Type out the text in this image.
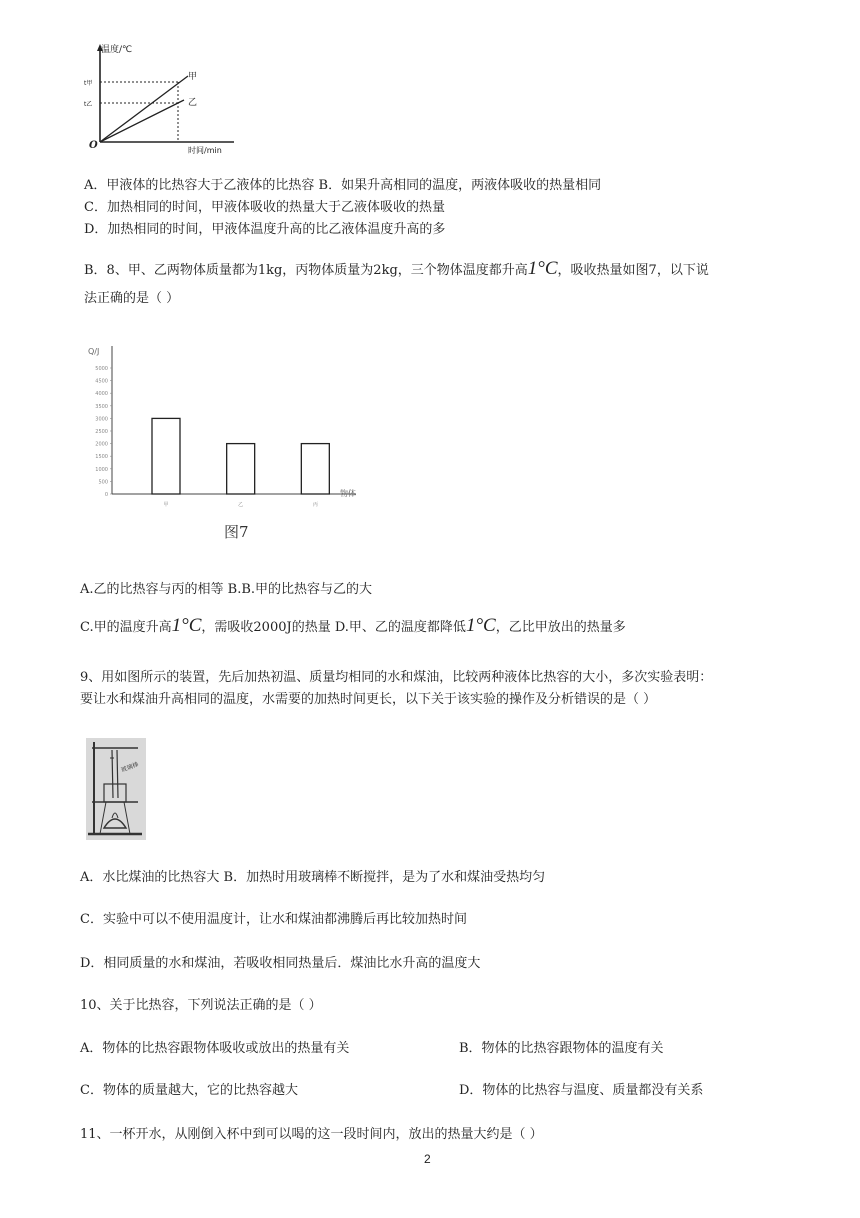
温度/℃
时间/min
O
甲
乙
t甲
t乙
A．甲液体的比热容大于乙液体的比热容 B．如果升高相同的温度，两液体吸收的热量相同
C．加热相同的时间，甲液体吸收的热量大于乙液体吸收的热量
D．加热相同的时间，甲液体温度升高的比乙液体温度升高的多
B．8、甲、乙两物体质量都为1kg，丙物体质量为2kg，三个物体温度都升高1°C，吸收热量如图7，以下说
法正确的是（ ）
Q/J
5000
4500
4000
3500
3000
2500
2000
1500
1000
500
0
甲	乙	丙
物体
图7
A.乙的比热容与丙的相等 B.B.甲的比热容与乙的大
C.甲的温度升高1°C，需吸收2000J的热量 D.甲、乙的温度都降低1°C，乙比甲放出的热量多
9、用如图所示的装置，先后加热初温、质量均相同的水和煤油，比较两种液体比热容的大小，多次实验表明：
要让水和煤油升高相同的温度，水需要的加热时间更长，以下关于该实验的操作及分析错误的是（ ）
玻璃棒
A．水比煤油的比热容大 B．加热时用玻璃棒不断搅拌，是为了水和煤油受热均匀
C．实验中可以不使用温度计，让水和煤油都沸腾后再比较加热时间
D．相同质量的水和煤油，若吸收相同热量后．煤油比水升高的温度大
10、关于比热容，下列说法正确的是（ ）
A．物体的比热容跟物体吸收或放出的热量有关	B．物体的比热容跟物体的温度有关
C．物体的质量越大，它的比热容越大	D．物体的比热容与温度、质量都没有关系
11、一杯开水，从刚倒入杯中到可以喝的这一段时间内，放出的热量大约是（ ）
2
